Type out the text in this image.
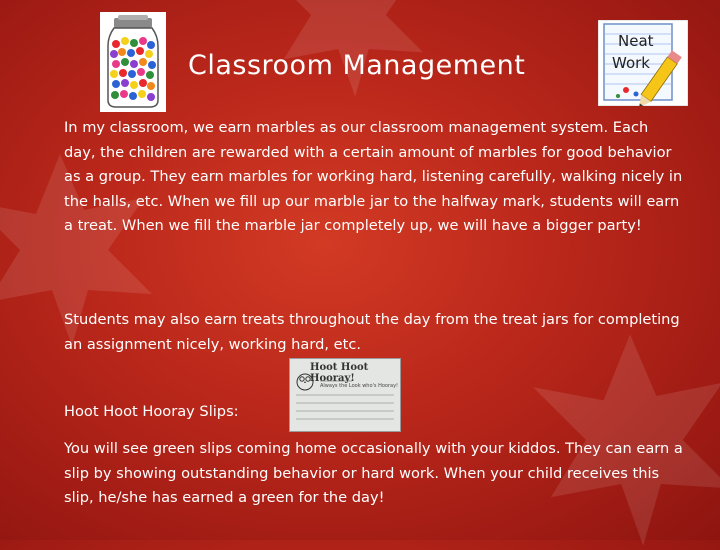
Classroom Management
Neat
Work

In my classroom, we earn marbles as our classroom management system. Each day, the children are rewarded with a certain amount of marbles for good behavior as a group. They earn marbles for working hard, listening carefully, walking nicely in the halls, etc. When we fill up our marble jar to the halfway mark, students will earn a treat. When we fill the marble jar completely up, we will have a bigger party!

Students may also earn treats throughout the day from the treat jars for completing an assignment nicely, working hard, etc.

Hoot Hoot Hooray!
Always the Look who's Hooray!

Hoot Hoot Hooray Slips:

You will see green slips coming home occasionally with your kiddos. They can earn a slip by showing outstanding behavior or hard work. When your child receives this slip, he/she has earned a green for the day!
